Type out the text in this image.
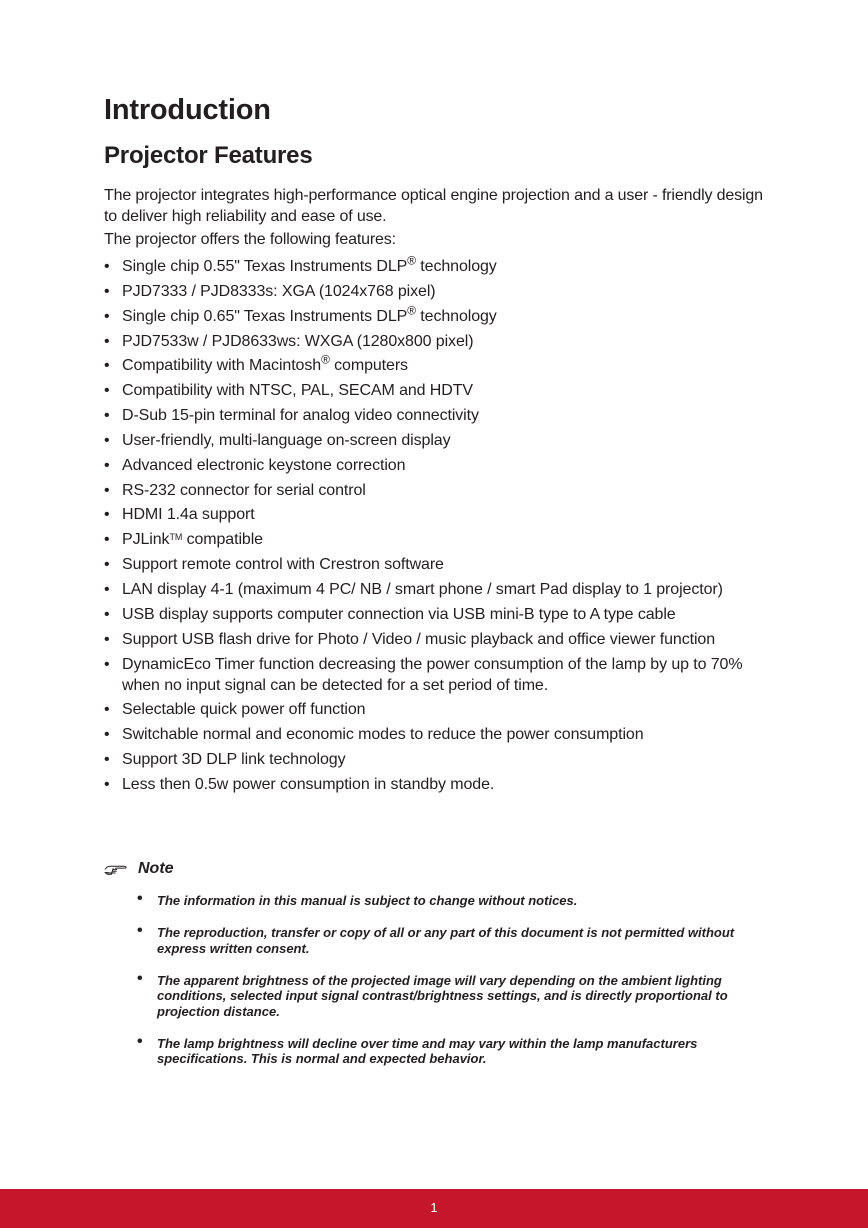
Introduction
Projector Features

The projector integrates high-performance optical engine projection and a user - friendly design to deliver high reliability and ease of use.

The projector offers the following features:

• Single chip 0.55" Texas Instruments DLP® technology
• PJD7333 / PJD8333s: XGA (1024x768 pixel)
• Single chip 0.65" Texas Instruments DLP® technology
• PJD7533w / PJD8633ws: WXGA (1280x800 pixel)
• Compatibility with Macintosh® computers
• Compatibility with NTSC, PAL, SECAM and HDTV
• D-Sub 15-pin terminal for analog video connectivity
• User-friendly, multi-language on-screen display
• Advanced electronic keystone correction
• RS-232 connector for serial control
• HDMI 1.4a support
• PJLink™ compatible
• Support remote control with Crestron software
• LAN display 4-1 (maximum 4 PC/ NB / smart phone / smart Pad display to 1 projector)
• USB display supports computer connection via USB mini-B type to A type cable
• Support USB flash drive for Photo / Video / music playback and office viewer function
• DynamicEco Timer function decreasing the power consumption of the lamp by up to 70% when no input signal can be detected for a set period of time.
• Selectable quick power off function
• Switchable normal and economic modes to reduce the power consumption
• Support 3D DLP link technology
• Less then 0.5w power consumption in standby mode.
Note
• The information in this manual is subject to change without notices.
• The reproduction, transfer or copy of all or any part of this document is not permitted without express written consent.
• The apparent brightness of the projected image will vary depending on the ambient lighting conditions, selected input signal contrast/brightness settings, and is directly proportional to projection distance.
• The lamp brightness will decline over time and may vary within the lamp manufacturers specifications. This is normal and expected behavior.
1
